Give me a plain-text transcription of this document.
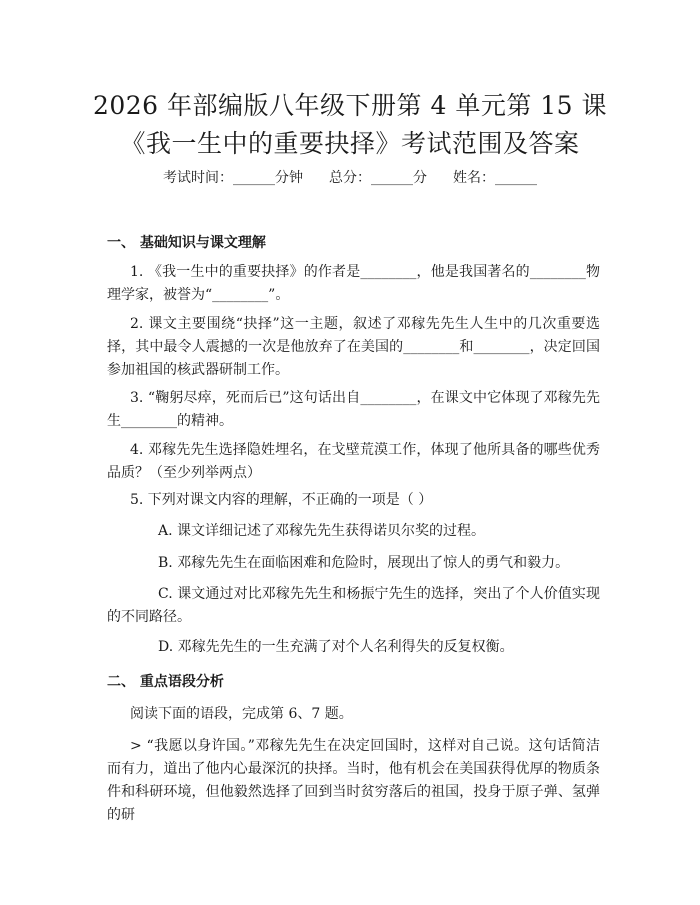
2026 年部编版八年级下册第 4 单元第 15 课
《我一生中的重要抉择》考试范围及答案
考试时间：______分钟 总分：______分 姓名：______
一、 基础知识与课文理解
1. 《我一生中的重要抉择》的作者是________，他是我国著名的________物理学家，被誉为“________”。
2. 课文主要围绕“抉择”这一主题，叙述了邓稼先先生人生中的几次重要选择，其中最令人震撼的一次是他放弃了在美国的________和________，决定回国参加祖国的核武器研制工作。
3. “鞠躬尽瘁，死而后已”这句话出自________，在课文中它体现了邓稼先先生________的精神。
4. 邓稼先先生选择隐姓埋名，在戈壁荒漠工作，体现了他所具备的哪些优秀品质？（至少列举两点）
5. 下列对课文内容的理解，不正确的一项是（ ）
A. 课文详细记述了邓稼先先生获得诺贝尔奖的过程。
B. 邓稼先先生在面临困难和危险时，展现出了惊人的勇气和毅力。
C. 课文通过对比邓稼先先生和杨振宁先生的选择，突出了个人价值实现的不同路径。
D. 邓稼先先生的一生充满了对个人名利得失的反复权衡。
二、 重点语段分析
阅读下面的语段，完成第 6、7 题。
> “我愿以身许国。”邓稼先先生在决定回国时，这样对自己说。这句话简洁而有力，道出了他内心最深沉的抉择。当时，他有机会在美国获得优厚的物质条件和科研环境，但他毅然选择了回到当时贫穷落后的祖国，投身于原子弹、氢弹的研
